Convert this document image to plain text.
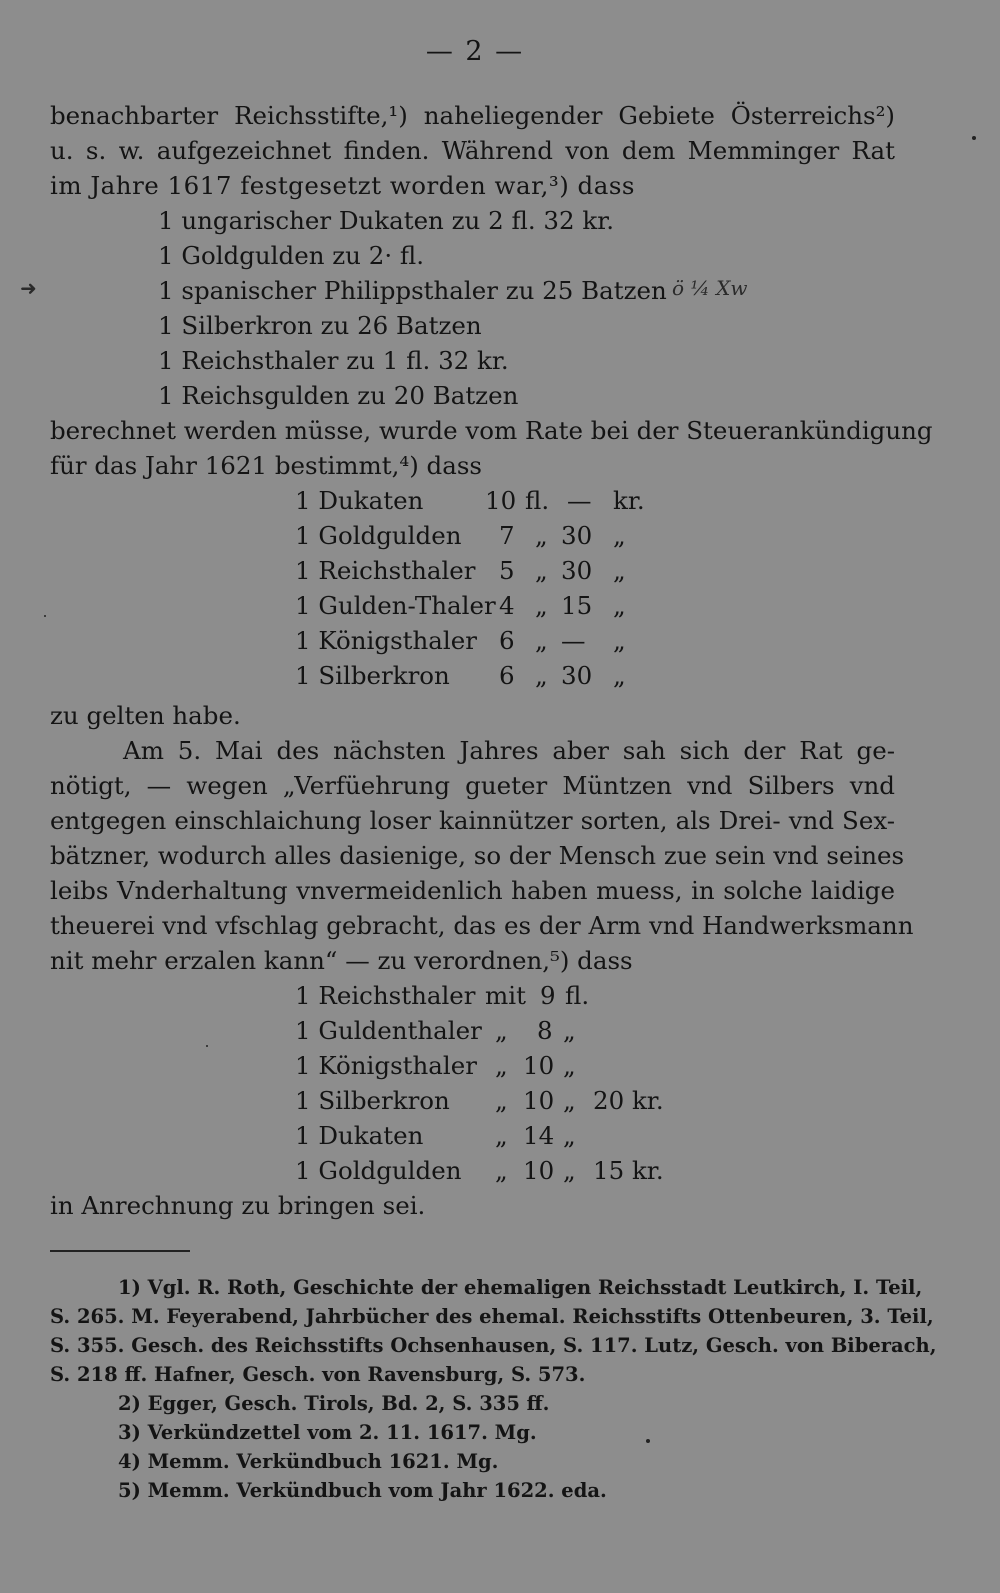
— 2 —
benachbarter Reichsstifte,¹) naheliegender Gebiete Österreichs²)
u. s. w. aufgezeichnet finden. Während von dem Memminger Rat
im Jahre 1617 festgesetzt worden war,³) dass
1 ungarischer Dukaten zu 2 fl. 32 kr.
1 Goldgulden zu 2· fl.
1 spanischer Philippsthaler zu 25 Batzen
➜	ö ¼ Xw
1 Silberkron zu 26 Batzen
1 Reichsthaler zu 1 fl. 32 kr.
1 Reichsgulden zu 20 Batzen
berechnet werden müsse, wurde vom Rate bei der Steuerankündigung
für das Jahr 1621 bestimmt,⁴) dass
1 Dukaten	10 fl. — kr.
1 Goldgulden 7 „ 30 „
1 Reichsthaler 5 „ 30 „
1 Gulden-Thaler 4 „ 15 „
1 Königsthaler 6 „ — „
1 Silberkron 6 „ 30 „
zu gelten habe.
Am 5. Mai des nächsten Jahres aber sah sich der Rat ge-
nötigt, — wegen „Verfüehrung gueter Müntzen vnd Silbers vnd
entgegen einschlaichung loser kainnützer sorten, als Drei- vnd Sex-
bätzner, wodurch alles dasienige, so der Mensch zue sein vnd seines
leibs Vnderhaltung vnvermeidenlich haben muess, in solche laidige
theuerei vnd vfschlag gebracht, das es der Arm vnd Handwerksmann
nit mehr erzalen kann“ — zu verordnen,⁵) dass
1 Reichsthaler mit 9 fl.
1 Guldenthaler „ 8 „
1 Königsthaler „ 10 „
1 Silberkron „ 10 „ 20 kr.
1 Dukaten	„ 14 „
1 Goldgulden „ 10 „ 15 kr.
in Anrechnung zu bringen sei.
1) Vgl. R. Roth, Geschichte der ehemaligen Reichsstadt Leutkirch, I. Teil,
S. 265. M. Feyerabend, Jahrbücher des ehemal. Reichsstifts Ottenbeuren, 3. Teil,
S. 355. Gesch. des Reichsstifts Ochsenhausen, S. 117. Lutz, Gesch. von Biberach,
S. 218 ff. Hafner, Gesch. von Ravensburg, S. 573.
2) Egger, Gesch. Tirols, Bd. 2, S. 335 ff.
3) Verkündzettel vom 2. 11. 1617. Mg.
4) Memm. Verkündbuch 1621. Mg.
5) Memm. Verkündbuch vom Jahr 1622. eda.
